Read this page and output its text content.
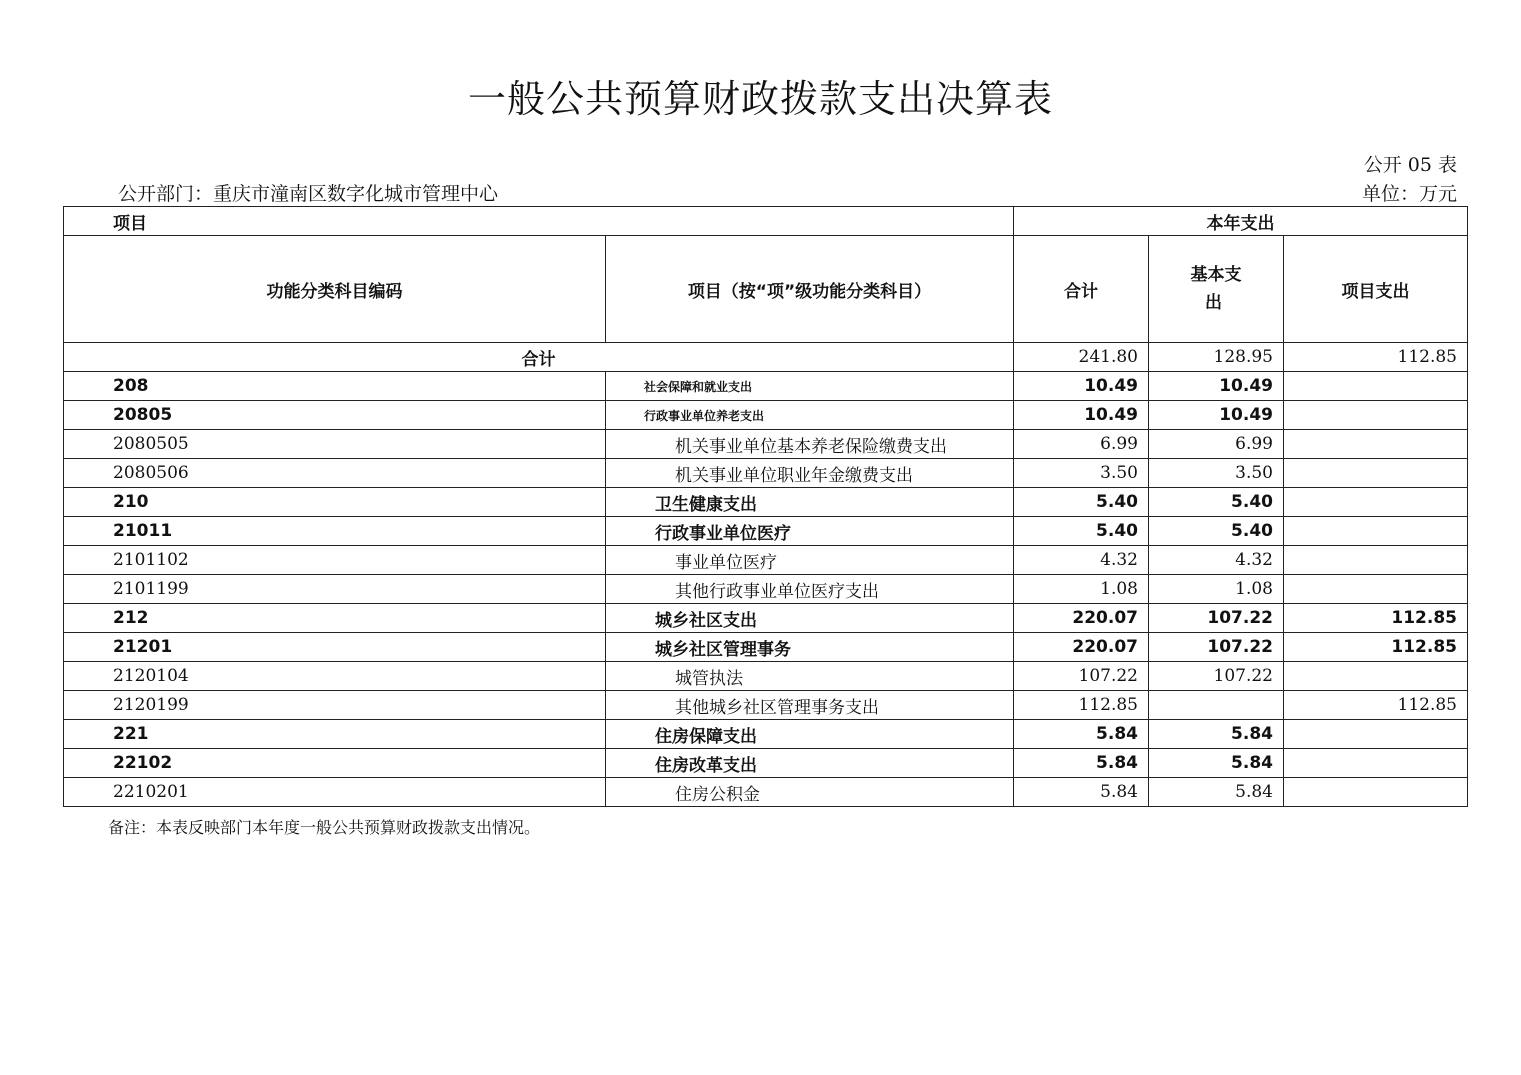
一般公共预算财政拨款支出决算表
公开 05 表
公开部门：重庆市潼南区数字化城市管理中心	单位：万元
项目		本年支出		
功能分类科目编码	项目（按“项”级功能分类科目）	合计	基本支
出	项目支出
合计		241.80	128.95	112.85
208	社会保障和就业支出	10.49	10.49	
20805	行政事业单位养老支出	10.49	10.49	
2080505	机关事业单位基本养老保险缴费支出	6.99	6.99	
2080506	机关事业单位职业年金缴费支出	3.50	3.50	
210	卫生健康支出	5.40	5.40	
21011	行政事业单位医疗	5.40	5.40	
2101102	事业单位医疗	4.32	4.32	
2101199	其他行政事业单位医疗支出	1.08	1.08	
212	城乡社区支出	220.07	107.22	112.85
21201	城乡社区管理事务	220.07	107.22	112.85
2120104	城管执法	107.22	107.22	
2120199	其他城乡社区管理事务支出	112.85		112.85
221	住房保障支出	5.84	5.84	
22102	住房改革支出	5.84	5.84	
2210201	住房公积金	5.84	5.84	
备注：本表反映部门本年度一般公共预算财政拨款支出情况。
